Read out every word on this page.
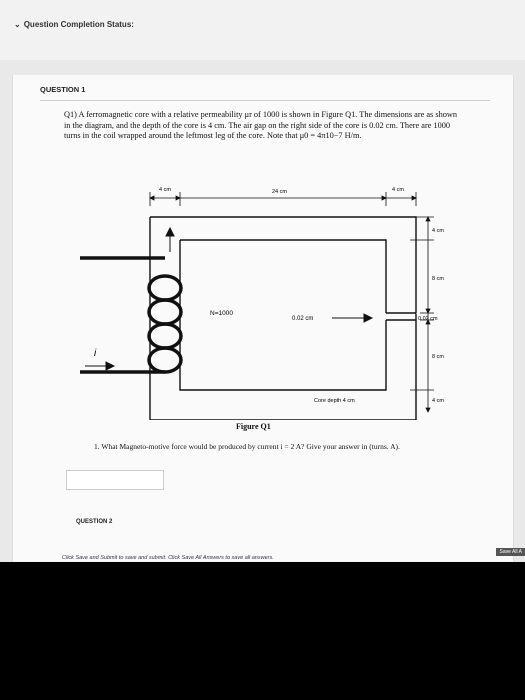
⌄ Question Completion Status:
QUESTION 1
Q1) A ferromagnetic core with a relative permeability μr of 1000 is shown in Figure Q1. The dimensions are as shown in the diagram, and the depth of the core is 4 cm. The air gap on the right side of the core is 0.02 cm. There are 1000 turns in the coil wrapped around the leftmost leg of the core. Note that μ0 = 4π10−7 H/m.
i
N=1000
0.02 cm
Core depth 4 cm
4 cm	24 cm	4 cm
4 cm
8 cm
0.02 cm
8 cm
4 cm
Figure Q1
1. What Magneto-motive force would be produced by current i = 2 A? Give your answer in (turns. A).
QUESTION 2
Click Save and Submit to save and submit. Click Save All Answers to save all answers.
Save All A
